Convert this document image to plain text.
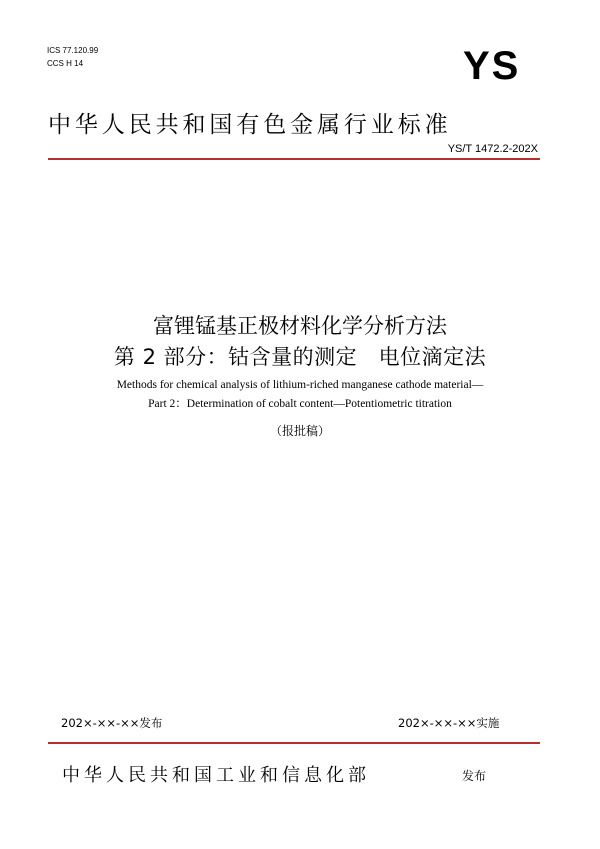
ICS 77.120.99
CCS H 14	YS
中华人民共和国有色金属行业标准
YS/T 1472.2-202X
富锂锰基正极材料化学分析方法
第 2 部分：钴含量的测定　电位滴定法
Methods for chemical analysis of lithium-riched manganese cathode material—
Part 2：Determination of cobalt content—Potentiometric titration
（报批稿）
202×-××-××发布	202×-××-××实施
中华人民共和国工业和信息化部	发布
